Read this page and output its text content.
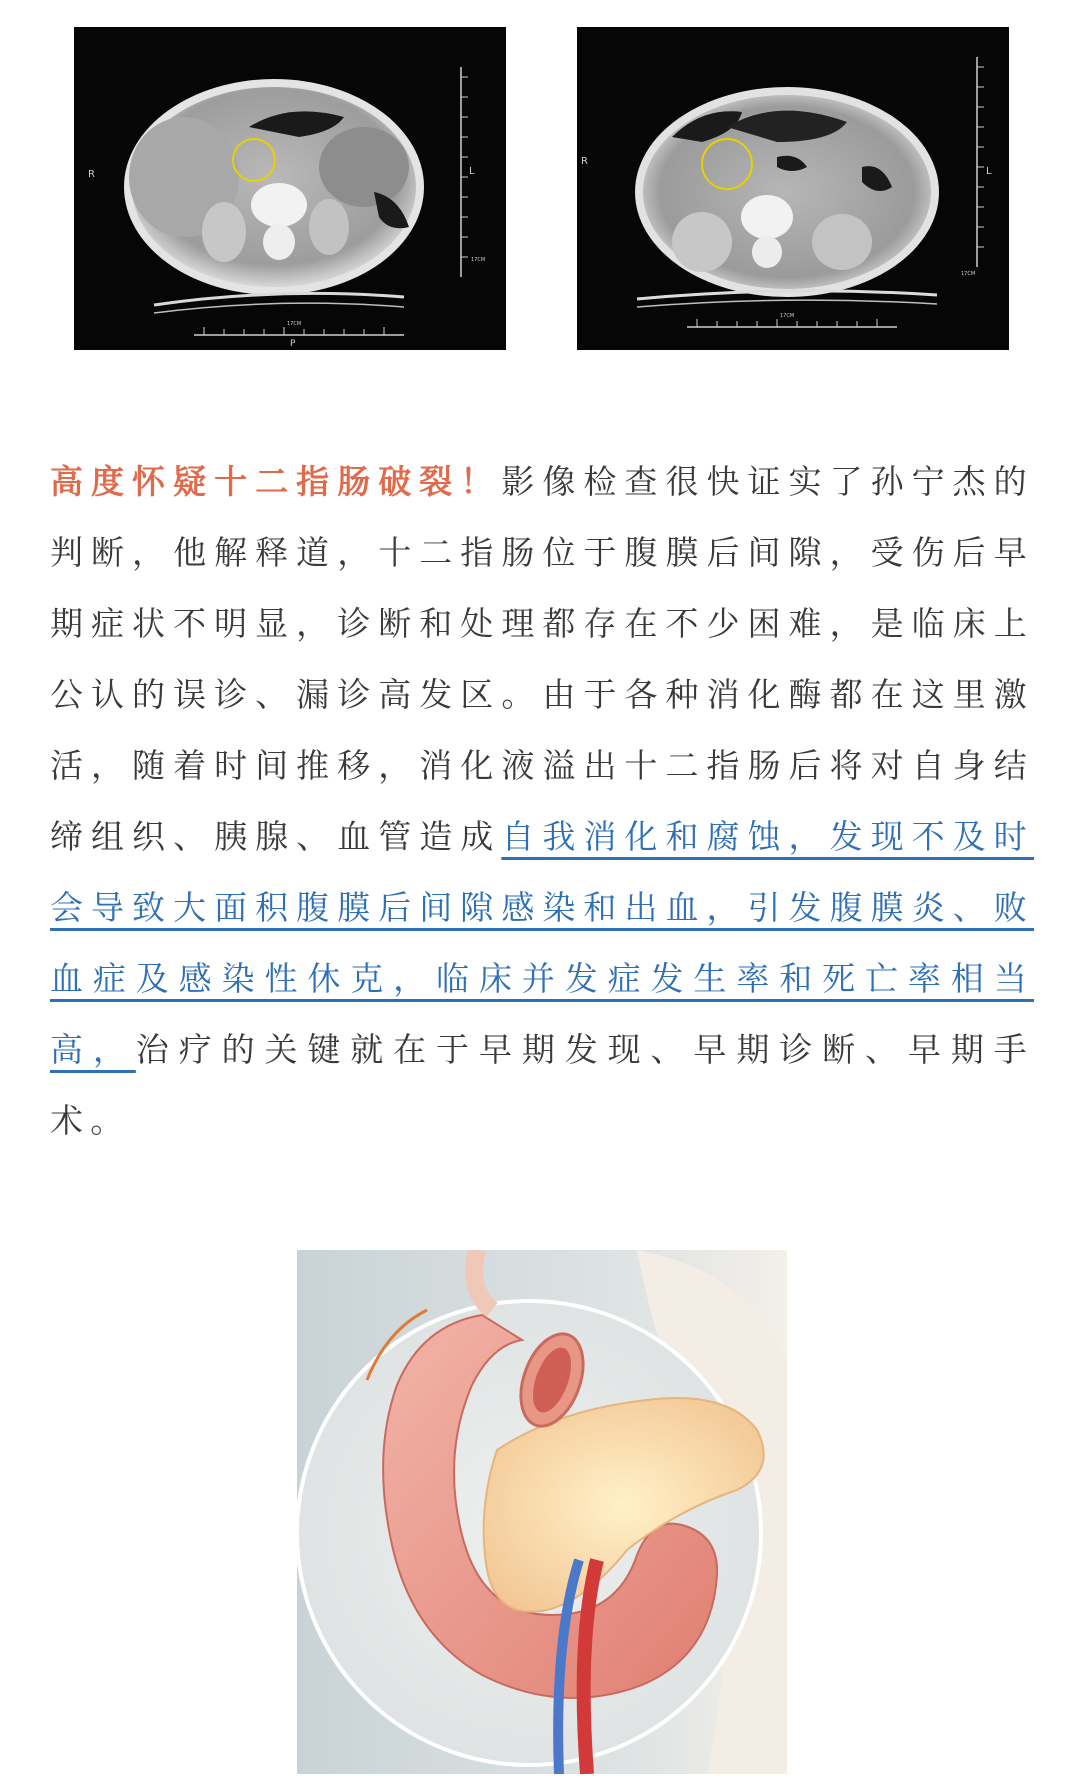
R	L
17CM
17CM
P
R
L
17CM
17CM

高度怀疑十二指肠破裂！影像检查很快证实了孙宁杰的判断，他解释道，十二指肠位于腹膜后间隙，受伤后早期症状不明显，诊断和处理都存在不少困难，是临床上公认的误诊、漏诊高发区。由于各种消化酶都在这里激活，随着时间推移，消化液溢出十二指肠后将对自身结缔组织、胰腺、血管造成自我消化和腐蚀，发现不及时会导致大面积腹膜后间隙感染和出血，引发腹膜炎、败血症及感染性休克，临床并发症发生率和死亡率相当高，治疗的关键就在于早期发现、早期诊断、早期手术。
